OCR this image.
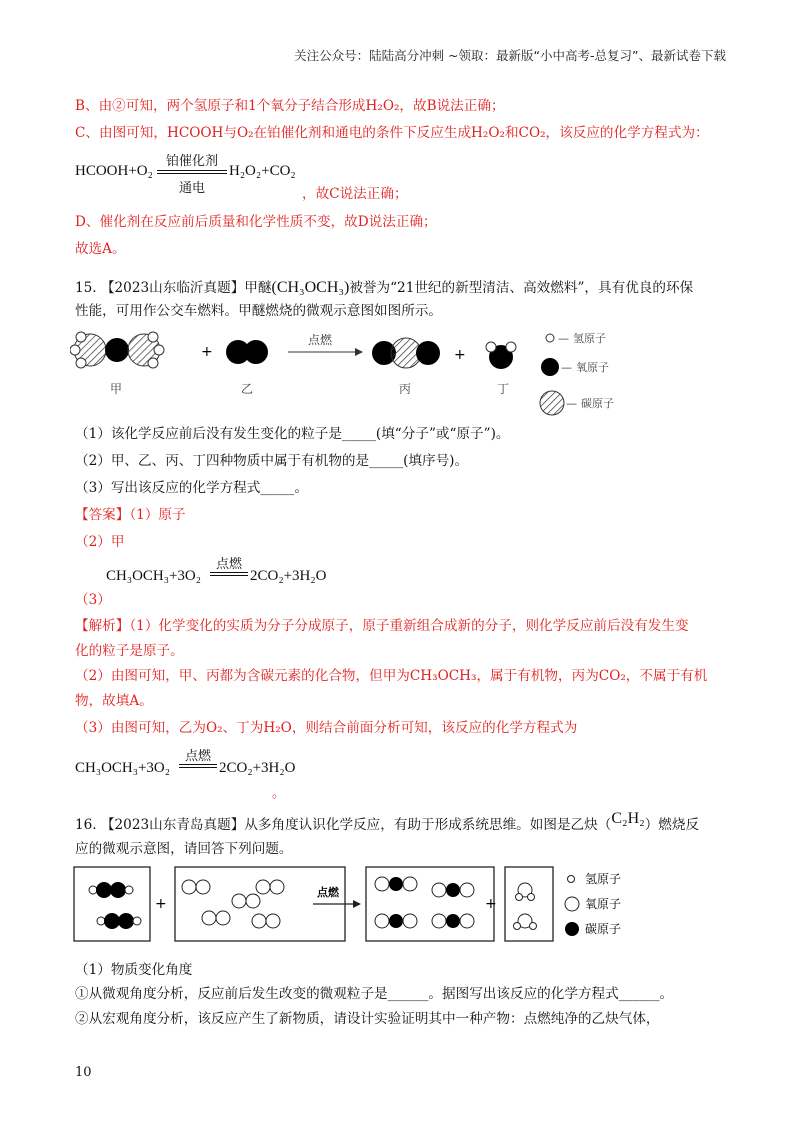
关注公众号：陆陆高分冲刺 ~领取：最新版“小中高考-总复习”、最新试卷下载
B、由②可知，两个氢原子和1个氧分子结合形成H₂O₂，故B说法正确；
C、由图可知，HCOOH与O₂在铂催化剂和通电的条件下反应生成H₂O₂和CO₂，该反应的化学方程式为：
HCOOH+O₂
铂催化剂
通电
H₂O₂+CO₂
，故C说法正确；
D、催化剂在反应前后质量和化学性质不变，故D说法正确；
故选A。
15. 【2023山东临沂真题】甲醚(CH₃OCH₃)被誉为“21世纪的新型清洁、高效燃料”，具有优良的环保
性能，可用作公交车燃料。甲醚燃烧的微观示意图如图所示。
+
点燃
+
甲	乙	丙	丁
— 氢原子
— 氧原子
— 碳原子
（1）该化学反应前后没有发生变化的粒子是_____(填“分子”或“原子”)。
（2）甲、乙、丙、丁四种物质中属于有机物的是_____(填序号)。
（3）写出该反应的化学方程式_____。
【答案】（1）原子
（2）甲
CH₃OCH₃+3O₂
点燃
2CO₂+3H₂O
（3）
【解析】（1）化学变化的实质为分子分成原子，原子重新组合成新的分子，则化学反应前后没有发生变
化的粒子是原子。
（2）由图可知，甲、丙都为含碳元素的化合物，但甲为CH₃OCH₃，属于有机物，丙为CO₂，不属于有机
物，故填A。
（3）由图可知，乙为O₂、丁为H₂O，则结合前面分析可知，该反应的化学方程式为
CH₃OCH₃+3O₂
点燃
2CO₂+3H₂O
。
16. 【2023山东青岛真题】从多角度认识化学反应，有助于形成系统思维。如图是乙炔（C₂H₂）燃烧反
应的微观示意图，请回答下列问题。
+
点燃
+
氢原子
氧原子
碳原子
（1）物质变化角度
①从微观角度分析，反应前后发生改变的微观粒子是______。据图写出该反应的化学方程式______。
②从宏观角度分析，该反应产生了新物质，请设计实验证明其中一种产物：点燃纯净的乙炔气体，
10
